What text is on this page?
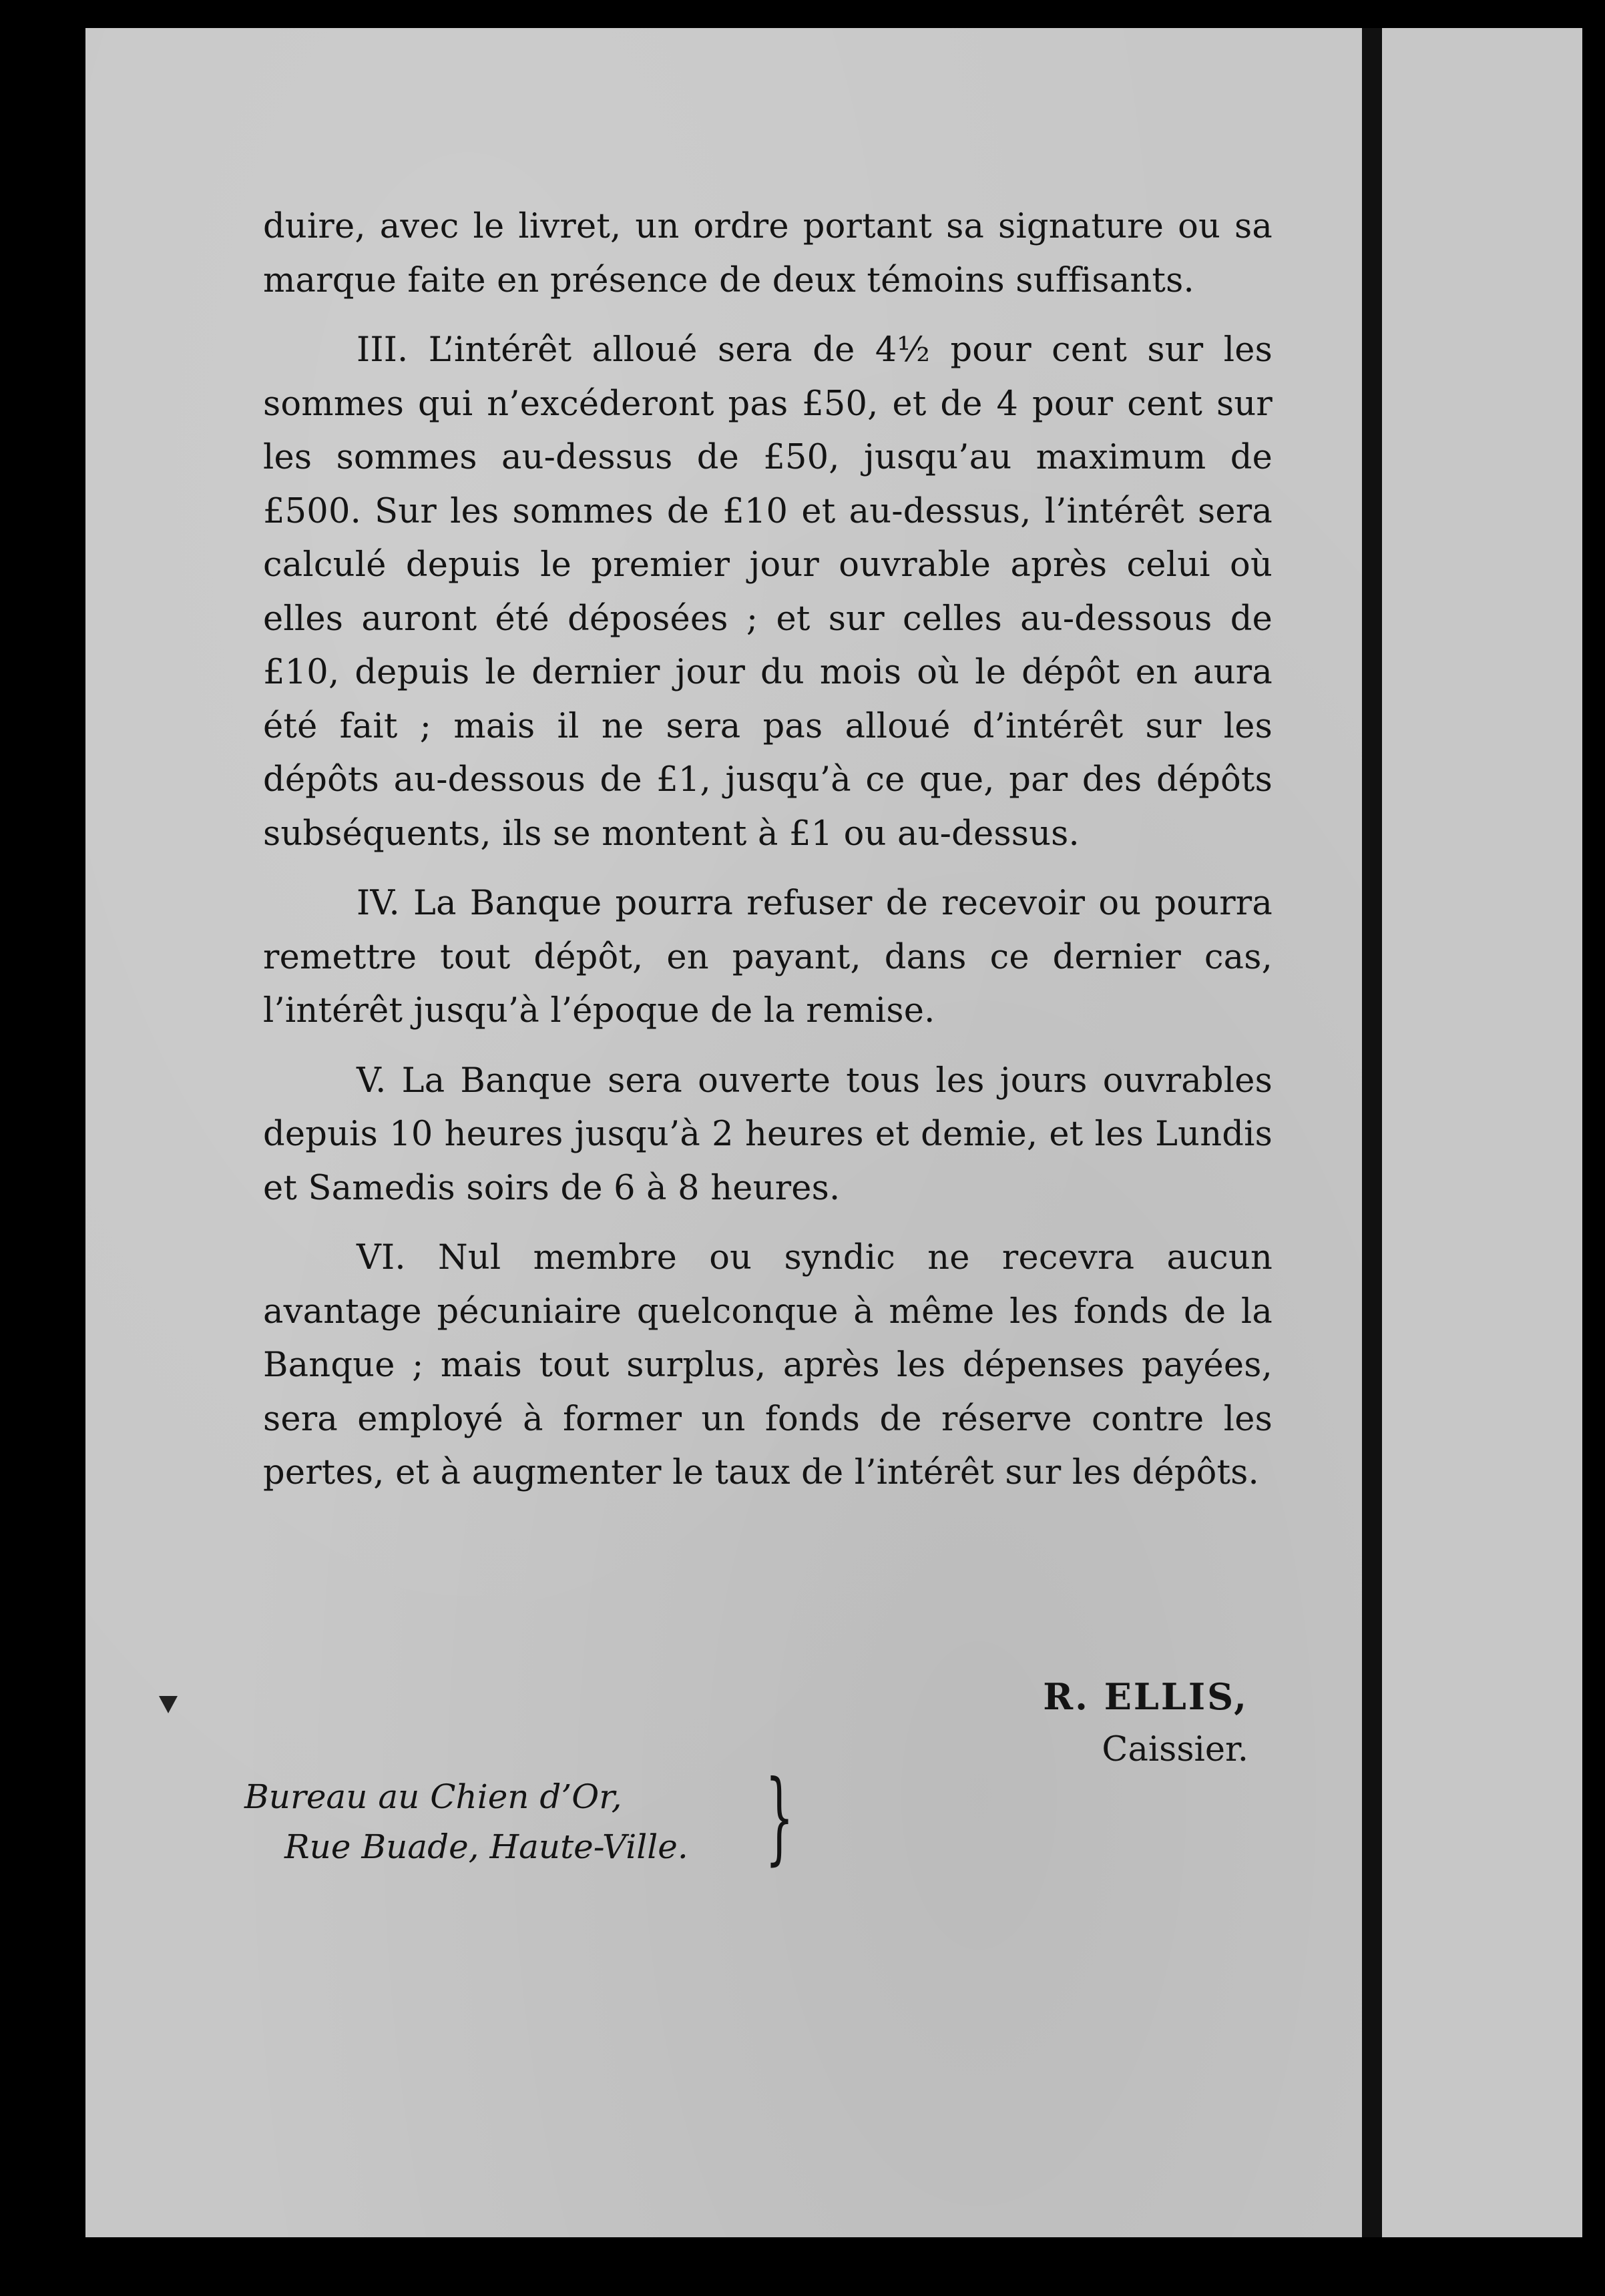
duire, avec le livret, un ordre portant sa signature ou sa marque faite en présence de deux témoins suffisants.

III. L’intérêt alloué sera de 4½ pour cent sur les sommes qui n’excéderont pas £50, et de 4 pour cent sur les sommes au-dessus de £50, jusqu’au maximum de £500. Sur les sommes de £10 et au-dessus, l’intérêt sera calculé depuis le premier jour ouvrable après celui où elles auront été déposées ; et sur celles au-dessous de £10, depuis le dernier jour du mois où le dépôt en aura été fait ; mais il ne sera pas alloué d’intérêt sur les dépôts au-dessous de £1, jusqu’à ce que, par des dépôts subséquents, ils se montent à £1 ou au-dessus.

IV. La Banque pourra refuser de recevoir ou pourra remettre tout dépôt, en payant, dans ce dernier cas, l’intérêt jusqu’à l’époque de la remise.

V. La Banque sera ouverte tous les jours ouvrables depuis 10 heures jusqu’à 2 heures et demie, et les Lundis et Samedis soirs de 6 à 8 heures.

VI. Nul membre ou syndic ne recevra aucun avantage pécuniaire quelconque à même les fonds de la Banque ; mais tout surplus, après les dépenses payées, sera employé à former un fonds de réserve contre les pertes, et à augmenter le taux de l’intérêt sur les dépôts.

R. ELLIS,
Caissier.
Bureau au Chien d’Or,
Rue Buade, Haute-Ville. }
